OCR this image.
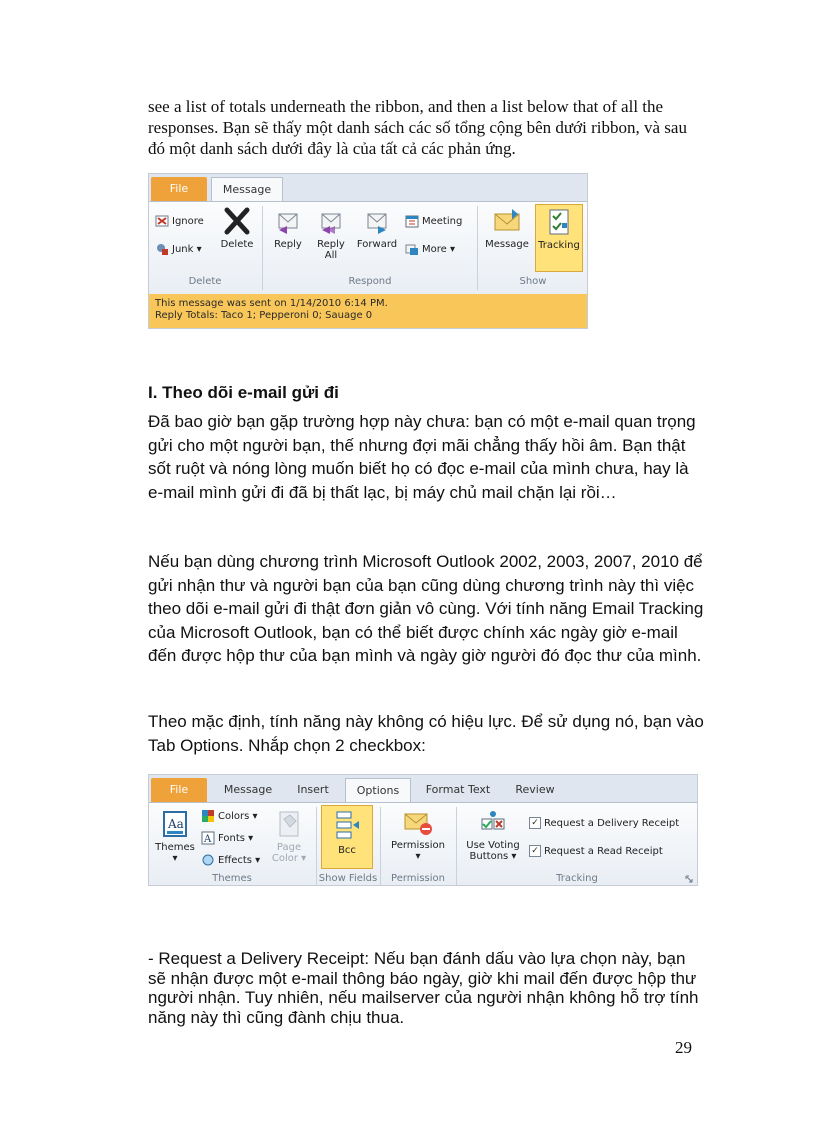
see a list of totals underneath the ribbon, and then a list below that of all the responses. Bạn sẽ thấy một danh sách các số tổng cộng bên dưới ribbon, và sau đó một danh sách dưới đây là của tất cả các phản ứng.
File	Message
Ignore
Junk ▾	Delete
Delete
Reply	Reply
All
Forward
Meeting
More ▾
Respond
Message Tracking
Show
This message was sent on 1/14/2010 6:14 PM.
Reply Totals: Taco 1; Pepperoni 0; Sauage 0
I. Theo dõi e-mail gửi đi
Đã bao giờ bạn gặp trường hợp này chưa: bạn có một e-mail quan trọng gửi cho một người bạn, thế nhưng đợi mãi chẳng thấy hồi âm. Bạn thật sốt ruột và nóng lòng muốn biết họ có đọc e-mail của mình chưa, hay là e-mail mình gửi đi đã bị thất lạc, bị máy chủ mail chặn lại rồi…
Nếu bạn dùng chương trình Microsoft Outlook 2002, 2003, 2007, 2010 để gửi nhận thư và người bạn của bạn cũng dùng chương trình này thì việc theo dõi e-mail gửi đi thật đơn giản vô cùng. Với tính năng Email Tracking của Microsoft Outlook, bạn có thể biết được chính xác ngày giờ e-mail đến được hộp thư của bạn mình và ngày giờ người đó đọc thư của mình.
Theo mặc định, tính năng này không có hiệu lực. Để sử dụng nó, bạn vào Tab Options. Nhắp chọn 2 checkbox:
File	Message	Insert	Options	Format Text	Review
Aa
Themes
▾
Colors ▾
A Fonts ▾
Effects ▾
Page
Color ▾
Themes
Bcc
Show Fields
Permission
▾
Permission
Use Voting
Buttons ▾
✓ Request a Delivery Receipt
✓ Request a Read Receipt
Tracking
- Request a Delivery Receipt: Nếu bạn đánh dấu vào lựa chọn này, bạn sẽ nhận được một e-mail thông báo ngày, giờ khi mail đến được hộp thư người nhận. Tuy nhiên, nếu mailserver của người nhận không hỗ trợ tính năng này thì cũng đành chịu thua.
29
